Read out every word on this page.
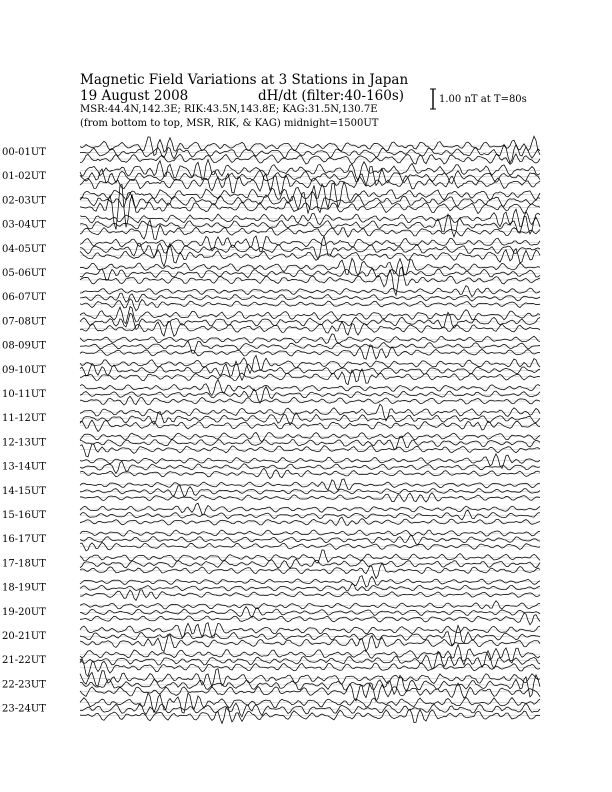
Magnetic Field Variations at 3 Stations in Japan
19 August 2008	dH/dt (filter:40-160s)
MSR:44.4N,142.3E; RIK:43.5N,143.8E; KAG:31.5N,130.7E
(from bottom to top, MSR, RIK, & KAG) midnight=1500UT
1.00 nT at T=80s
00-01UT
01-02UT
02-03UT
03-04UT
04-05UT
05-06UT
06-07UT
07-08UT
08-09UT
09-10UT
10-11UT
11-12UT
12-13UT
13-14UT
14-15UT
15-16UT
16-17UT
17-18UT
18-19UT
19-20UT
20-21UT
21-22UT
22-23UT
23-24UT
